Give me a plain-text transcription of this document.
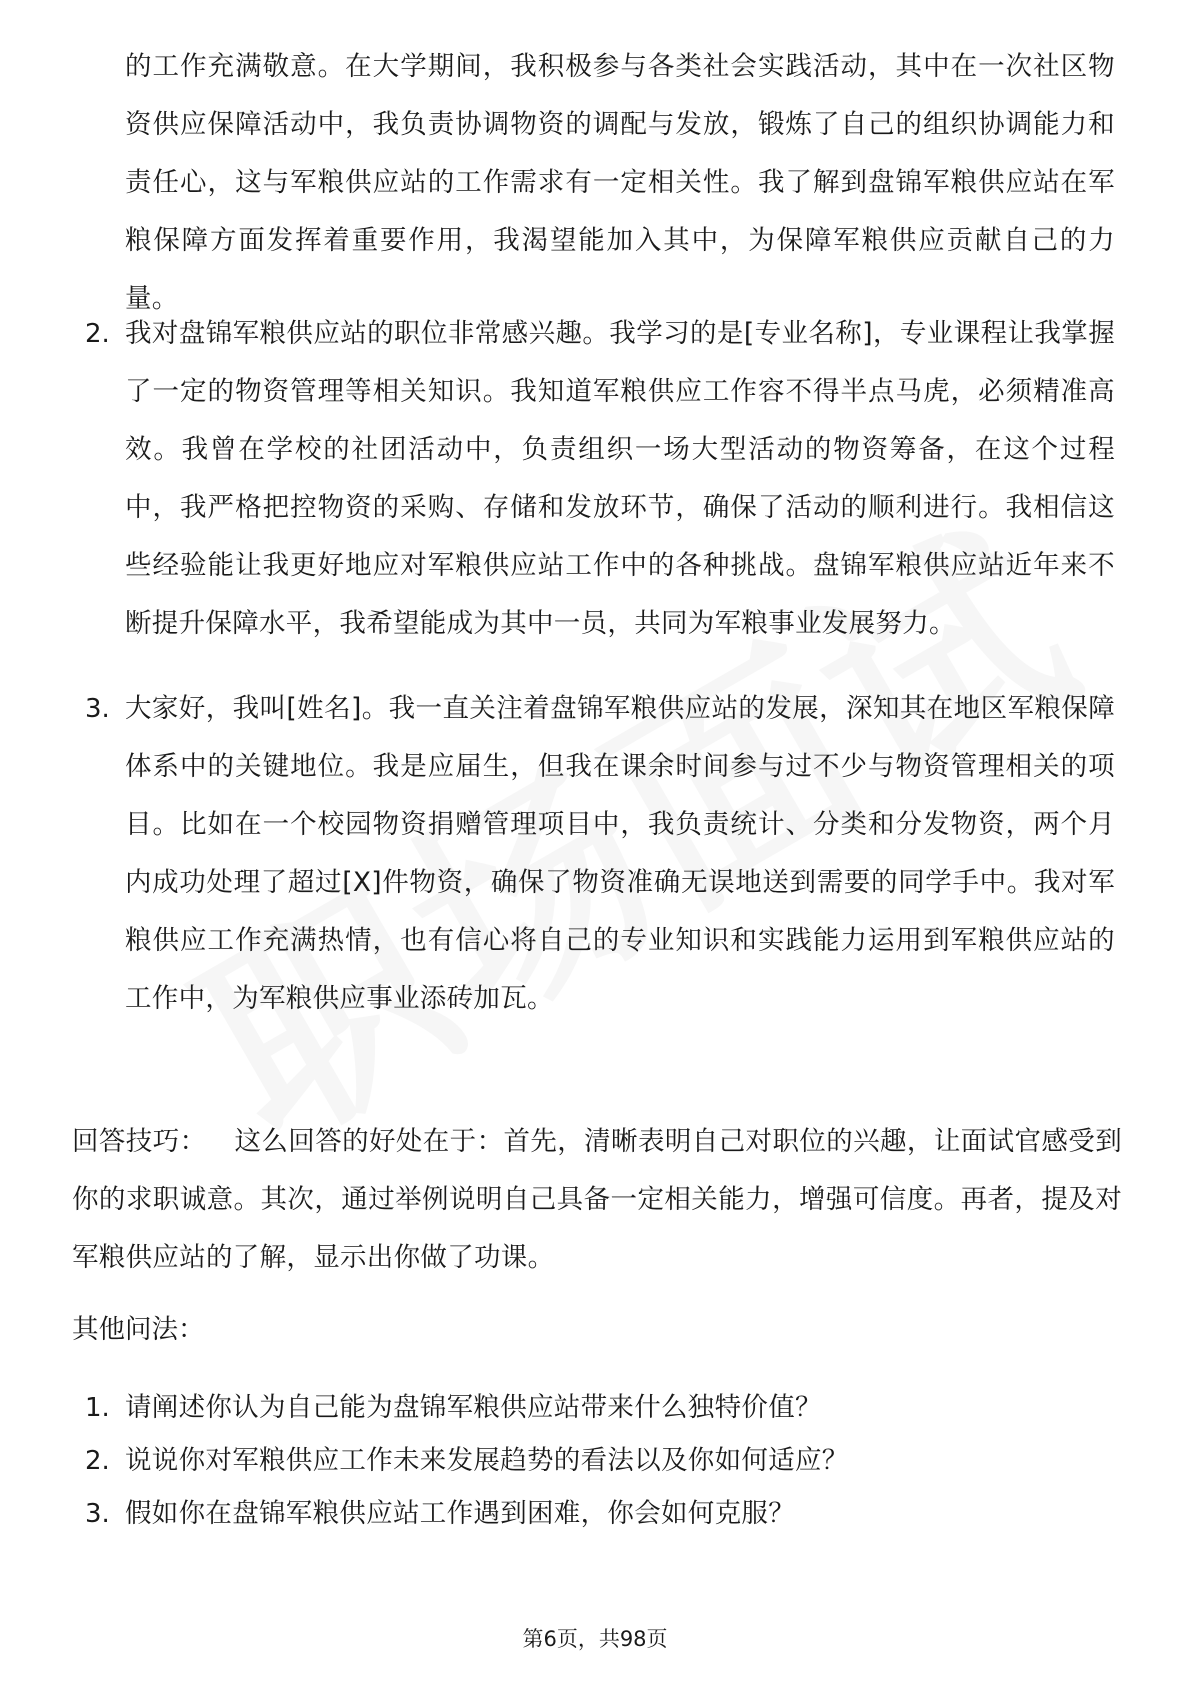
的工作充满敬意。在大学期间，我积极参与各类社会实践活动，其中在一次社区物资供应保障活动中，我负责协调物资的调配与发放，锻炼了自己的组织协调能力和责任心，这与军粮供应站的工作需求有一定相关性。我了解到盘锦军粮供应站在军粮保障方面发挥着重要作用，我渴望能加入其中，为保障军粮供应贡献自己的力量。
2. 我对盘锦军粮供应站的职位非常感兴趣。我学习的是[专业名称]，专业课程让我掌握了一定的物资管理等相关知识。我知道军粮供应工作容不得半点马虎，必须精准高效。我曾在学校的社团活动中，负责组织一场大型活动的物资筹备，在这个过程中，我严格把控物资的采购、存储和发放环节，确保了活动的顺利进行。我相信这些经验能让我更好地应对军粮供应站工作中的各种挑战。盘锦军粮供应站近年来不断提升保障水平，我希望能成为其中一员，共同为军粮事业发展努力。
3. 大家好，我叫[姓名]。我一直关注着盘锦军粮供应站的发展，深知其在地区军粮保障体系中的关键地位。我是应届生，但我在课余时间参与过不少与物资管理相关的项目。比如在一个校园物资捐赠管理项目中，我负责统计、分类和分发物资，两个月内成功处理了超过[X]件物资，确保了物资准确无误地送到需要的同学手中。我对军粮供应工作充满热情，也有信心将自己的专业知识和实践能力运用到军粮供应站的工作中，为军粮供应事业添砖加瓦。
回答技巧： 这么回答的好处在于：首先，清晰表明自己对职位的兴趣，让面试官感受到你的求职诚意。其次，通过举例说明自己具备一定相关能力，增强可信度。再者，提及对军粮供应站的了解，显示出你做了功课。
其他问法：
1. 请阐述你认为自己能为盘锦军粮供应站带来什么独特价值？
2. 说说你对军粮供应工作未来发展趋势的看法以及你如何适应？
3. 假如你在盘锦军粮供应站工作遇到困难，你会如何克服？
第6页，共98页
